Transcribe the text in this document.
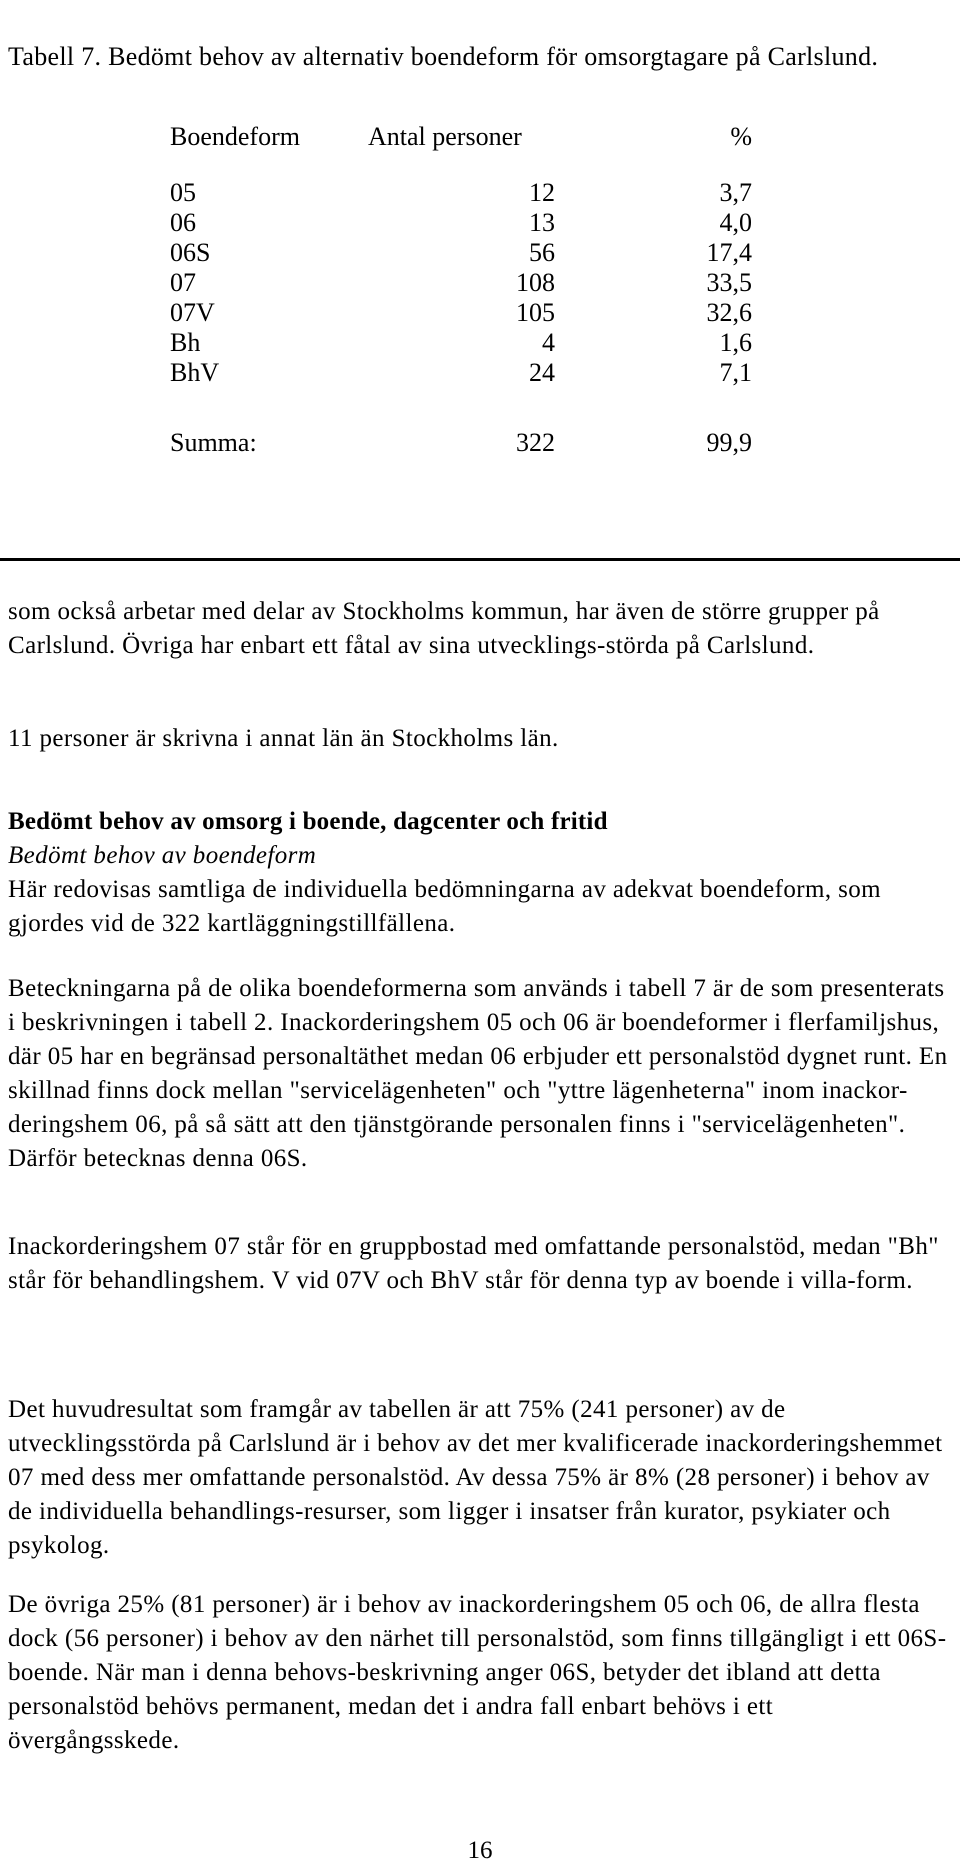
Tabell 7. Bedömt behov av alternativ boendeform för omsorgtagare på Carlslund.
Boendeform	Antal personer	%
05	12	3,7
06	13	4,0
06S	56	17,4
07	108	33,5
07V	105	32,6
Bh	4	1,6
BhV	24	7,1
Summa:	322	99,9

som också arbetar med delar av Stockholms kommun, har även de större grupper på Carlslund. Övriga har enbart ett fåtal av sina utvecklings-störda på Carlslund.

11 personer är skrivna i annat län än Stockholms län.

Bedömt behov av omsorg i boende, dagcenter och fritid
Bedömt behov av boendeform

Här redovisas samtliga de individuella bedömningarna av adekvat boendeform, som gjordes vid de 322 kartläggningstillfällena.

Beteckningarna på de olika boendeformerna som används i tabell 7 är de som presenterats i beskrivningen i tabell 2. Inackorderingshem 05 och 06 är boendeformer i flerfamiljshus, där 05 har en begränsad personaltäthet medan 06 erbjuder ett personalstöd dygnet runt. En skillnad finns dock mellan "servicelägenheten" och "yttre lägenheterna" inom inackor-deringshem 06, på så sätt att den tjänstgörande personalen finns i "servicelägenheten". Därför betecknas denna 06S.

Inackorderingshem 07 står för en gruppbostad med omfattande personalstöd, medan "Bh" står för behandlingshem. V vid 07V och BhV står för denna typ av boende i villa-form.

Det huvudresultat som framgår av tabellen är att 75% (241 personer) av de utvecklingsstörda på Carlslund är i behov av det mer kvalificerade inackorderingshemmet 07 med dess mer omfattande personalstöd. Av dessa 75% är 8% (28 personer) i behov av de individuella behandlings-resurser, som ligger i insatser från kurator, psykiater och psykolog.

De övriga 25% (81 personer) är i behov av inackorderingshem 05 och 06, de allra flesta dock (56 personer) i behov av den närhet till personalstöd, som finns tillgängligt i ett 06S-boende. När man i denna behovs-beskrivning anger 06S, betyder det ibland att detta personalstöd behövs permanent, medan det i andra fall enbart behövs i ett övergångsskede.

16
